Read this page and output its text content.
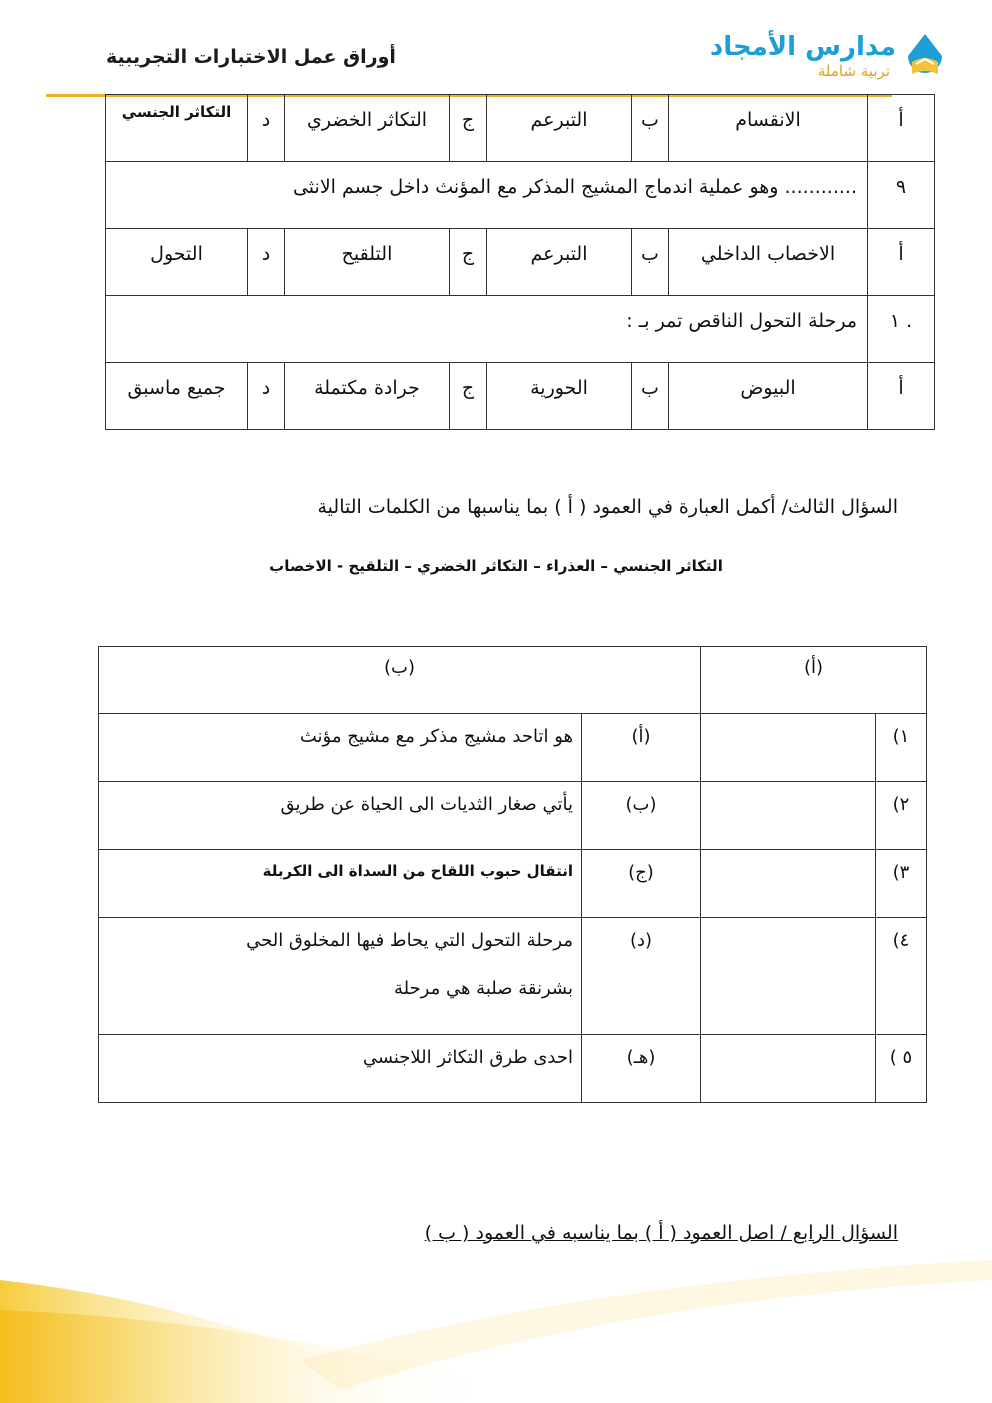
أوراق عمل الاختبارات التجريبية	مدارس الأمجاد
تربية شاملة
أ	الانقسام	ب	التبرعم	ج	التكاثر الخضري	د	التكاثر الجنسي

٩	............ وهو عملية اندماج المشيج المذكر مع المؤنث داخل جسم الانثى						

أ	الاخصاب الداخلي	ب	التبرعم	ج	التلقيح	د	التحول

. ١	مرحلة التحول الناقص تمر بـ :						

أ	البيوض	ب	الحورية	ج	جرادة مكتملة	د	جميع ماسبق
السؤال الثالث/ أكمل العبارة في العمود ( أ ) بما يناسبها من الكلمات التالية
التكاثر الجنسي – العذراء – التكاثر الخضري – التلقيح - الاخصاب
(أ)		(ب)	

١)		(أ)	هو اتاحد مشيج مذكر مع مشيج مؤنث

٢)		(ب)	يأتي صغار الثديات الى الحياة عن طريق

٣)		(ج)	انتقال حبوب اللقاح من السداة الى الكربلة

٤)		(د)	مرحلة التحول التي يحاط فيها المخلوق الحي
بشرنقة صلبة هي مرحلة

٥ )		(هـ)	احدى طرق التكاثر اللاجنسي
السؤال الرابع / اصل العمود ( أ ) بما يناسبه في العمود ( ب )
